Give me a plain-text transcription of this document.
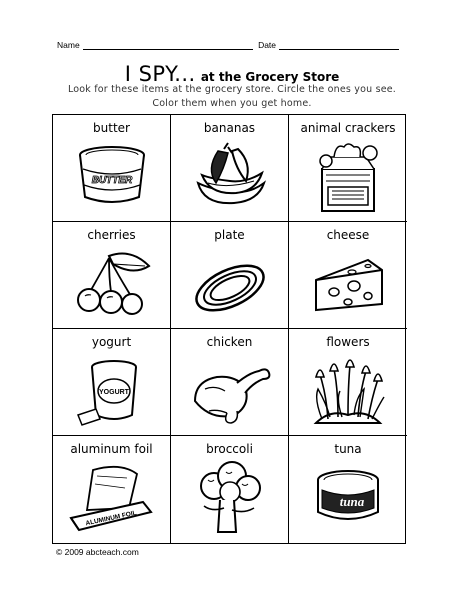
Name	Date
I SPY... at the Grocery Store
Look for these items at the grocery store. Circle the ones you see.
Color them when you get home.
butter
BUTTER
bananas	animal crackers
cherries	plate	cheese
yogurt
YOGURT
chicken	flowers
aluminum foil
ALUMINUM FOIL
broccoli	tuna
tuna
© 2009 abcteach.com
